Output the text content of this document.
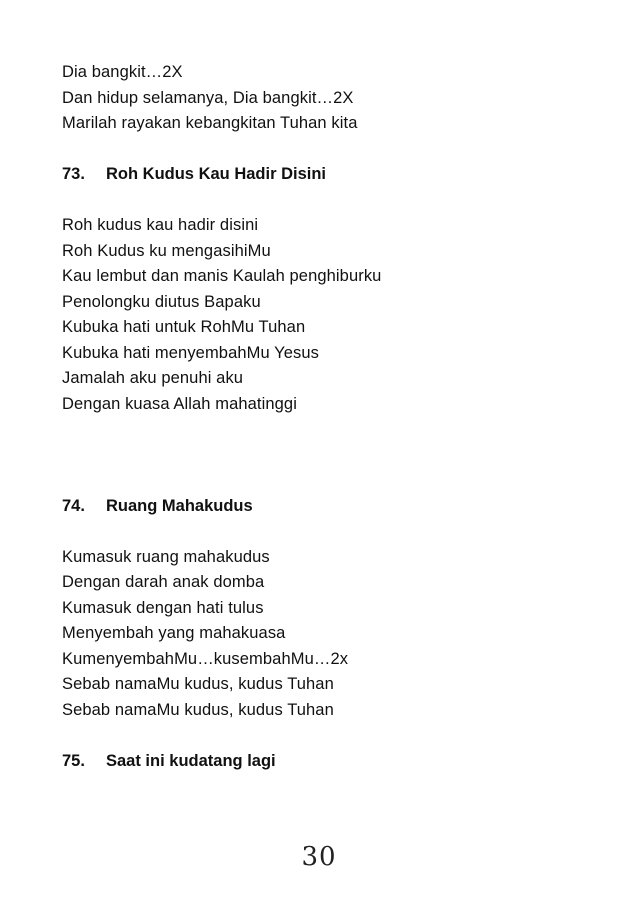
Dia bangkit…2X
Dan hidup selamanya, Dia bangkit…2X
Marilah rayakan kebangkitan Tuhan kita
73.	Roh Kudus Kau Hadir Disini
Roh kudus kau hadir disini
Roh Kudus ku mengasihiMu
Kau lembut dan manis Kaulah penghiburku
Penolongku diutus Bapaku
Kubuka hati untuk RohMu Tuhan
Kubuka hati menyembahMu Yesus
Jamalah aku penuhi aku
Dengan kuasa Allah mahatinggi
74.	Ruang Mahakudus
Kumasuk ruang mahakudus
Dengan darah anak domba
Kumasuk dengan hati tulus
Menyembah yang mahakuasa
KumenyembahMu…kusembahMu…2x
Sebab namaMu kudus, kudus Tuhan
Sebab namaMu kudus, kudus Tuhan
75.	Saat ini kudatang lagi
30
